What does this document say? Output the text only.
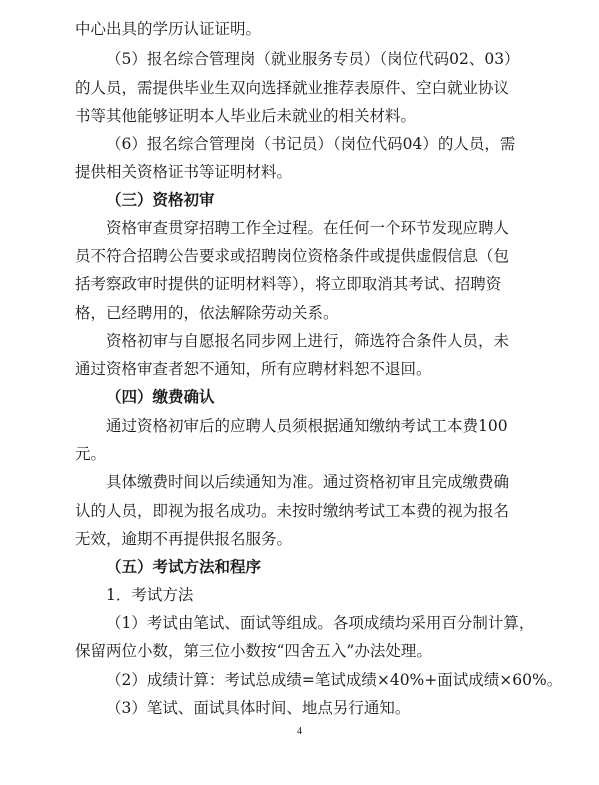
中心出具的学历认证证明。
（5）报名综合管理岗（就业服务专员）（岗位代码02、03）
的人员，需提供毕业生双向选择就业推荐表原件、空白就业协议
书等其他能够证明本人毕业后未就业的相关材料。
（6）报名综合管理岗（书记员）（岗位代码04）的人员，需
提供相关资格证书等证明材料。
（三）资格初审
资格审查贯穿招聘工作全过程。在任何一个环节发现应聘人
员不符合招聘公告要求或招聘岗位资格条件或提供虚假信息（包
括考察政审时提供的证明材料等），将立即取消其考试、招聘资
格，已经聘用的，依法解除劳动关系。
资格初审与自愿报名同步网上进行，筛选符合条件人员，未
通过资格审查者恕不通知，所有应聘材料恕不退回。
（四）缴费确认
通过资格初审后的应聘人员须根据通知缴纳考试工本费100
元。
具体缴费时间以后续通知为准。通过资格初审且完成缴费确
认的人员，即视为报名成功。未按时缴纳考试工本费的视为报名
无效，逾期不再提供报名服务。
（五）考试方法和程序
1．考试方法
（1）考试由笔试、面试等组成。各项成绩均采用百分制计算，
保留两位小数，第三位小数按“四舍五入”办法处理。
（2）成绩计算：考试总成绩=笔试成绩×40%+面试成绩×60%。
（3）笔试、面试具体时间、地点另行通知。
4
